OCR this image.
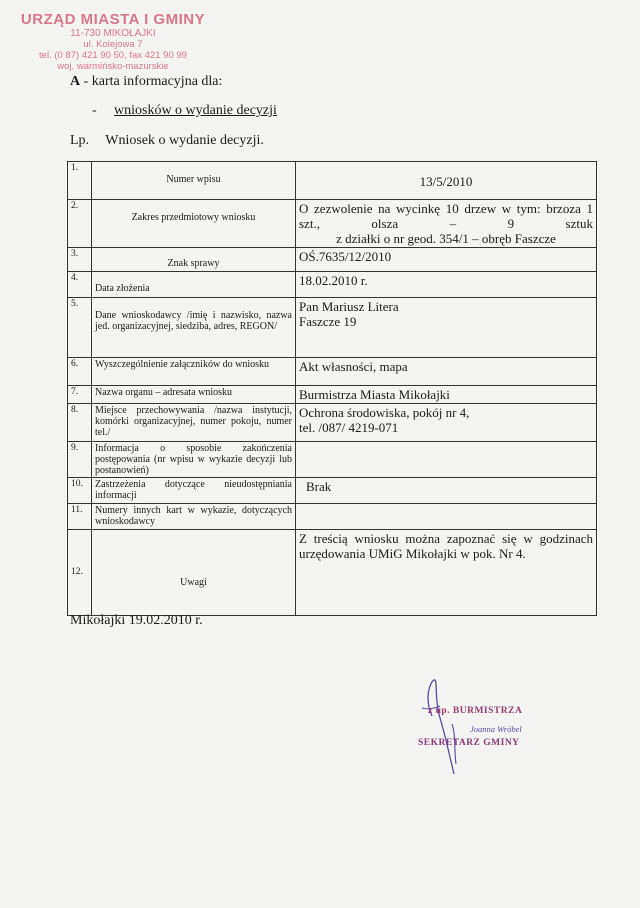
URZĄD MIASTA I GMINY
11-730 MIKOŁAJKI
ul. Kolejowa 7
tel. (0 87) 421 90 50, fax 421 90 99
woj. warmińsko-mazurskie
A - karta informacyjna dla:
- wniosków o wydanie decyzji
Lp. Wniosek o wydanie decyzji.
1.	Numer wpisu	13/5/2010
2.	Zakres przedmiotowy wniosku	O zezwolenie na wycinkę 10 drzew w tym: brzoza 1 szt., olsza – 9 sztuk
z działki o nr geod. 354/1 – obręb Faszcze

3.	Znak sprawy	OŚ.7635/12/2010
4.	Data złożenia	18.02.2010 r.
5.	Dane wnioskodawcy /imię i nazwisko, nazwa jed. organizacyjnej, siedziba, adres, REGON/	Pan Mariusz Litera
Faszcze 19

6.	Wyszczególnienie załączników do wniosku	Akt własności, mapa
7.	Nazwa organu – adresata wniosku	Burmistrza Miasta Mikołajki
8.	Miejsce przechowywania /nazwa instytucji, komórki organizacyjnej, numer pokoju, numer tel./	Ochrona środowiska, pokój nr 4,
tel. /087/ 4219-071

9.	Informacja o sposobie zakończenia postępowania (nr wpisu w wykazie decyzji lub postanowień)	
10.	Zastrzeżenia dotyczące nieudostępniania informacji	Brak
11.	Numery innych kart w wykazie, dotyczących wnioskodawcy	
12.	Uwagi	Z treścią wniosku można zapoznać się w godzinach urzędowania UMiG Mikołajki w pok. Nr 4.
Mikołajki 19.02.2010 r.
z up. BURMISTRZA
Joanna Wróbel
SEKRETARZ GMINY
